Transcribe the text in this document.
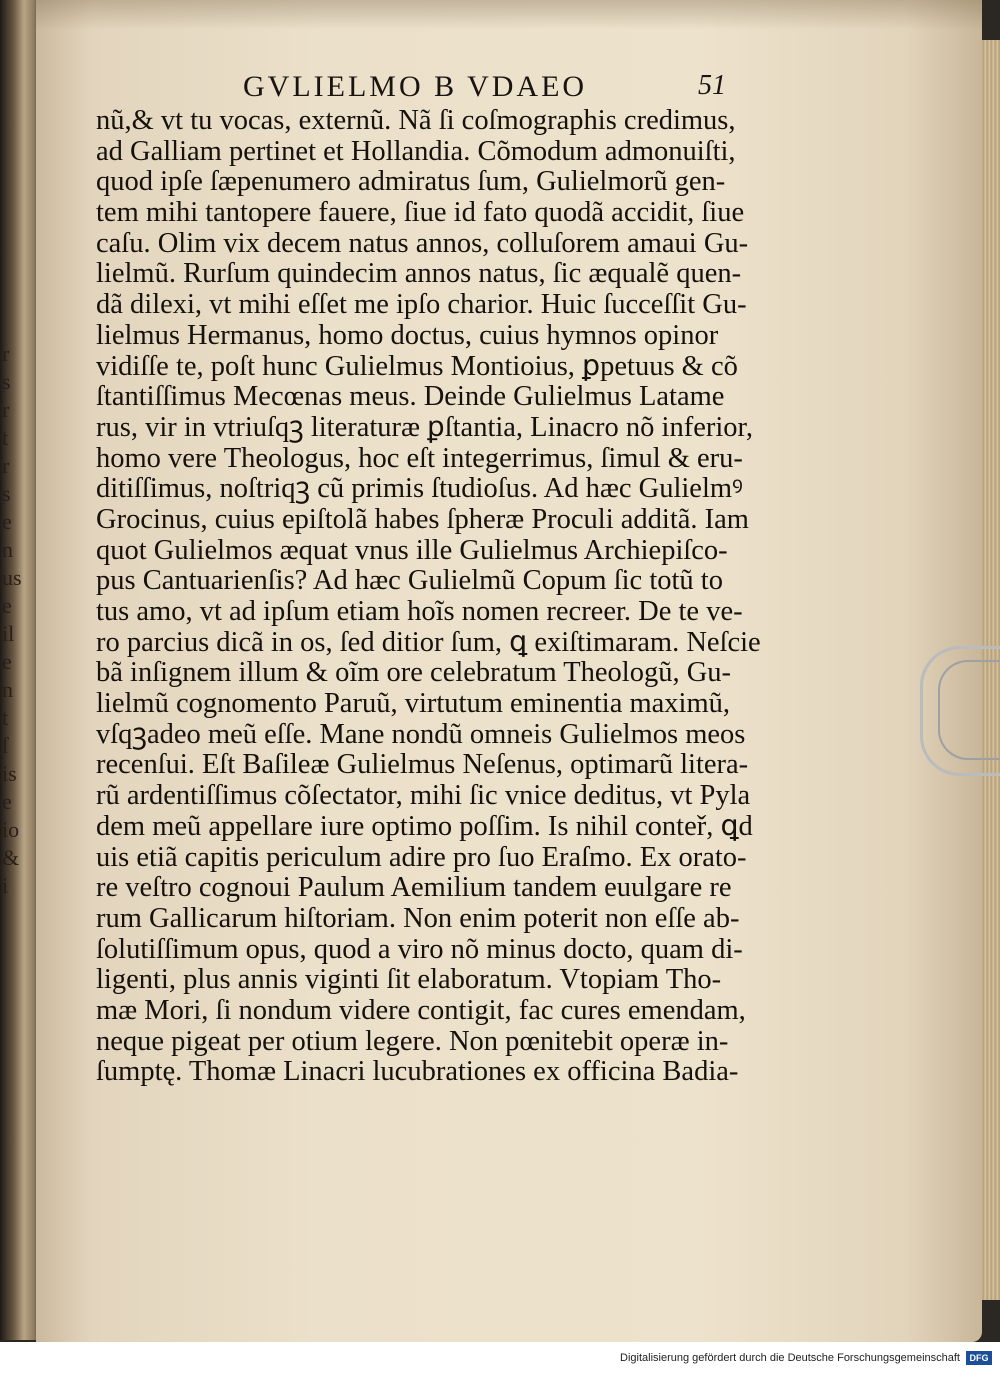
r
s
r
t
r
s
e
n
us
e
il
e
n
t
ſ
is
e
io
&
i
GVLIELMO B VDAEO	51
nũ,& vt tu vocas, externũ. Nã ſi coſmographis credimus,
ad Galliam pertinet et Hollandia. Cõmodum admonuiſti,
quod ipſe ſæpenumero admiratus ſum, Gulielmorũ gen-
tem mihi tantopere fauere, ſiue id fato quodã accidit, ſiue
caſu. Olim vix decem natus annos, colluſorem amaui Gu-
lielmũ. Rurſum quindecim annos natus, ſic æqualẽ quen-
dã dilexi, vt mihi eſſet me ipſo charior. Huic ſucceſſit Gu-
lielmus Hermanus, homo doctus, cuius hymnos opinor
vidiſſe te, poſt hunc Gulielmus Montioius, ꝑpetuus & cõ
ſtantiſſimus Mecœnas meus. Deinde Gulielmus Latame
rus, vir in vtriuſqꝫ literaturæ ꝑſtantia, Linacro nõ inferior,
homo vere Theologus, hoc eſt integerrimus, ſimul & eru-
ditiſſimus, noſtriqꝫ cũ primis ſtudioſus. Ad hæc Gulielmꝰ
Grocinus, cuius epiſtolã habes ſpheræ Proculi additã. Iam
quot Gulielmos æquat vnus ille Gulielmus Archiepiſco-
pus Cantuarienſis? Ad hæc Gulielmũ Copum ſic totũ to
tus amo, vt ad ipſum etiam hoĩs nomen recreer. De te ve-
ro parcius dicã in os, ſed ditior ſum, ꝗ exiſtimaram. Neſcie
bã inſignem illum & oĩm ore celebratum Theologũ, Gu-
lielmũ cognomento Paruũ, virtutum eminentia maximũ,
vſqꝫadeo meũ eſſe. Mane nondũ omneis Gulielmos meos
recenſui. Eſt Baſileæ Gulielmus Neſenus, optimarũ litera-
rũ ardentiſſimus cõſectator, mihi ſic vnice deditus, vt Pyla
dem meũ appellare iure optimo poſſim. Is nihil conteř, ꝗd
uis etiã capitis periculum adire pro ſuo Eraſmo. Ex orato-
re veſtro cognoui Paulum Aemilium tandem euulgare re
rum Gallicarum hiſtoriam. Non enim poterit non eſſe ab-
ſolutiſſimum opus, quod a viro nõ minus docto, quam di-
ligenti, plus annis viginti ſit elaboratum. Vtopiam Tho-
mæ Mori, ſi nondum videre contigit, fac cures emendam,
neque pigeat per otium legere. Non pœnitebit operæ in-
ſumptę. Thomæ Linacri lucubrationes ex officina Badia-
Digitalisierung gefördert durch die Deutsche Forschungsgemeinschaft	DFG
